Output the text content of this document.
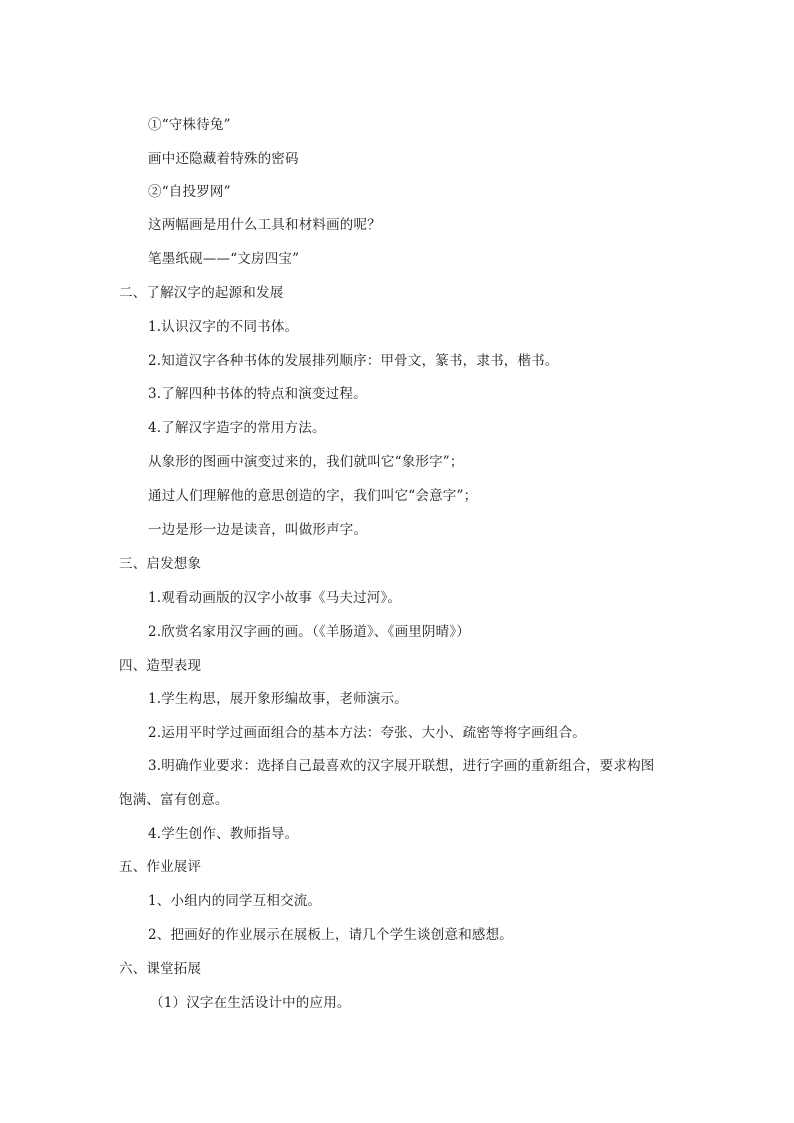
①“守株待兔”
画中还隐藏着特殊的密码
②“自投罗网”
这两幅画是用什么工具和材料画的呢？
笔墨纸砚——“文房四宝”
二、了解汉字的起源和发展
1.认识汉字的不同书体。
2.知道汉字各种书体的发展排列顺序：甲骨文，篆书，隶书，楷书。
3.了解四种书体的特点和演变过程。
4.了解汉字造字的常用方法。
从象形的图画中演变过来的，我们就叫它“象形字”；
通过人们理解他的意思创造的字，我们叫它“会意字”；
一边是形一边是读音，叫做形声字。
三、启发想象
1.观看动画版的汉字小故事《马夫过河》。
2.欣赏名家用汉字画的画。（《羊肠道》、《画里阴晴》）
四、造型表现
1.学生构思，展开象形编故事，老师演示。
2.运用平时学过画面组合的基本方法：夸张、大小、疏密等将字画组合。
3.明确作业要求：选择自己最喜欢的汉字展开联想，进行字画的重新组合，要求构图
饱满、富有创意。
4.学生创作、教师指导。
五、作业展评
1、小组内的同学互相交流。
2、把画好的作业展示在展板上，请几个学生谈创意和感想。
六、课堂拓展
（1）汉字在生活设计中的应用。
